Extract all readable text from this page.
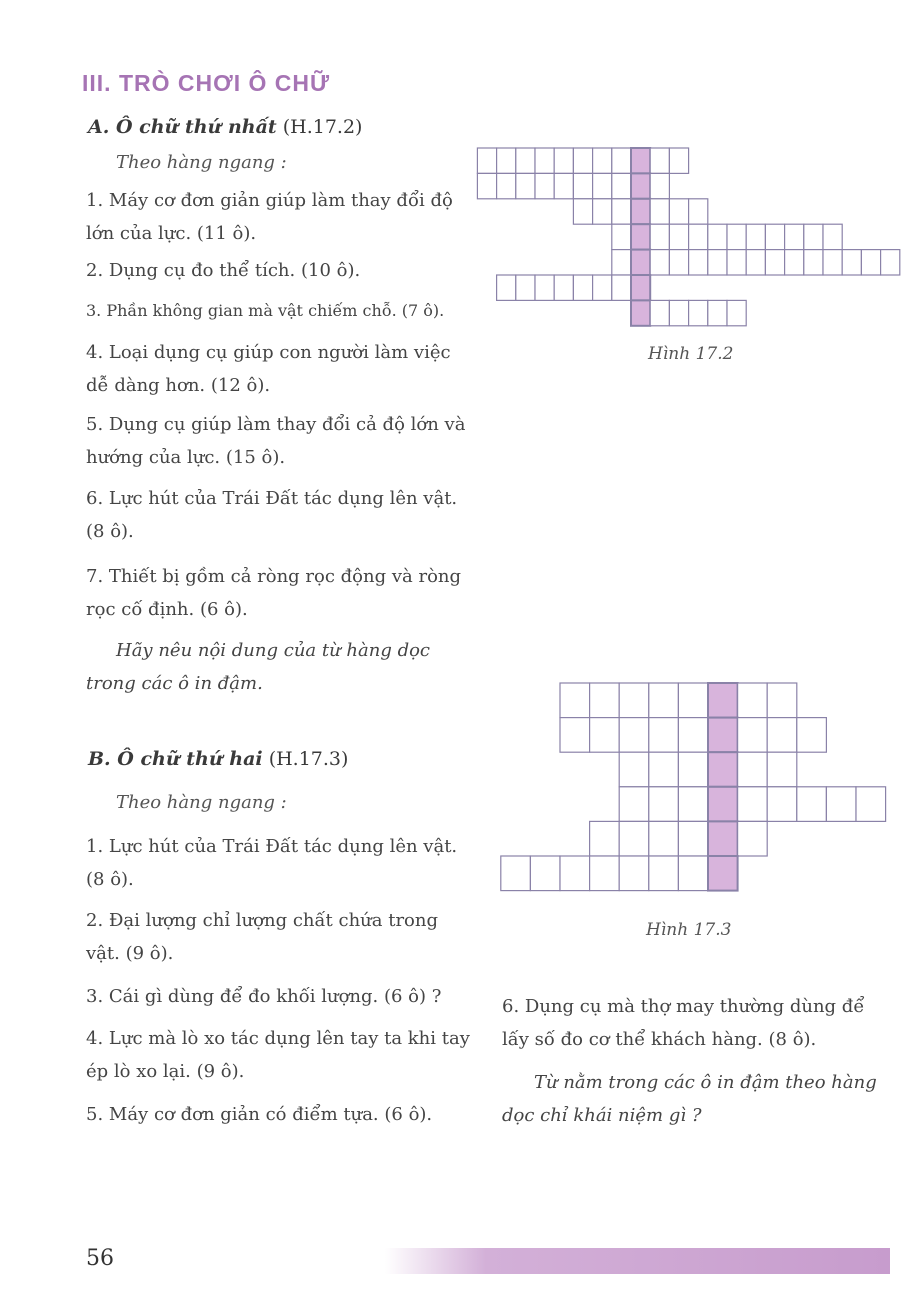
III. TRÒ CHƠI Ô CHỮ
A. Ô chữ thứ nhất (H.17.2)
Theo hàng ngang :
1. Máy cơ đơn giản giúp làm thay đổi độ lớn của lực. (11 ô).
2. Dụng cụ đo thể tích. (10 ô).
3. Phần không gian mà vật chiếm chỗ. (7 ô).
4. Loại dụng cụ giúp con người làm việc dễ dàng hơn. (12 ô).
5. Dụng cụ giúp làm thay đổi cả độ lớn và hướng của lực. (15 ô).
6. Lực hút của Trái Đất tác dụng lên vật. (8 ô).
7. Thiết bị gồm cả ròng rọc động và ròng rọc cố định. (6 ô).
Hãy nêu nội dung của từ hàng dọc trong các ô in đậm.
Hình 17.2
B. Ô chữ thứ hai (H.17.3)
Theo hàng ngang :
1. Lực hút của Trái Đất tác dụng lên vật. (8 ô).
2. Đại lượng chỉ lượng chất chứa trong vật. (9 ô).
3. Cái gì dùng để đo khối lượng. (6 ô) ?
4. Lực mà lò xo tác dụng lên tay ta khi tay ép lò xo lại. (9 ô).
5. Máy cơ đơn giản có điểm tựa. (6 ô).
Hình 17.3
6. Dụng cụ mà thợ may thường dùng để lấy số đo cơ thể khách hàng. (8 ô).
Từ nằm trong các ô in đậm theo hàng dọc chỉ khái niệm gì ?
56
